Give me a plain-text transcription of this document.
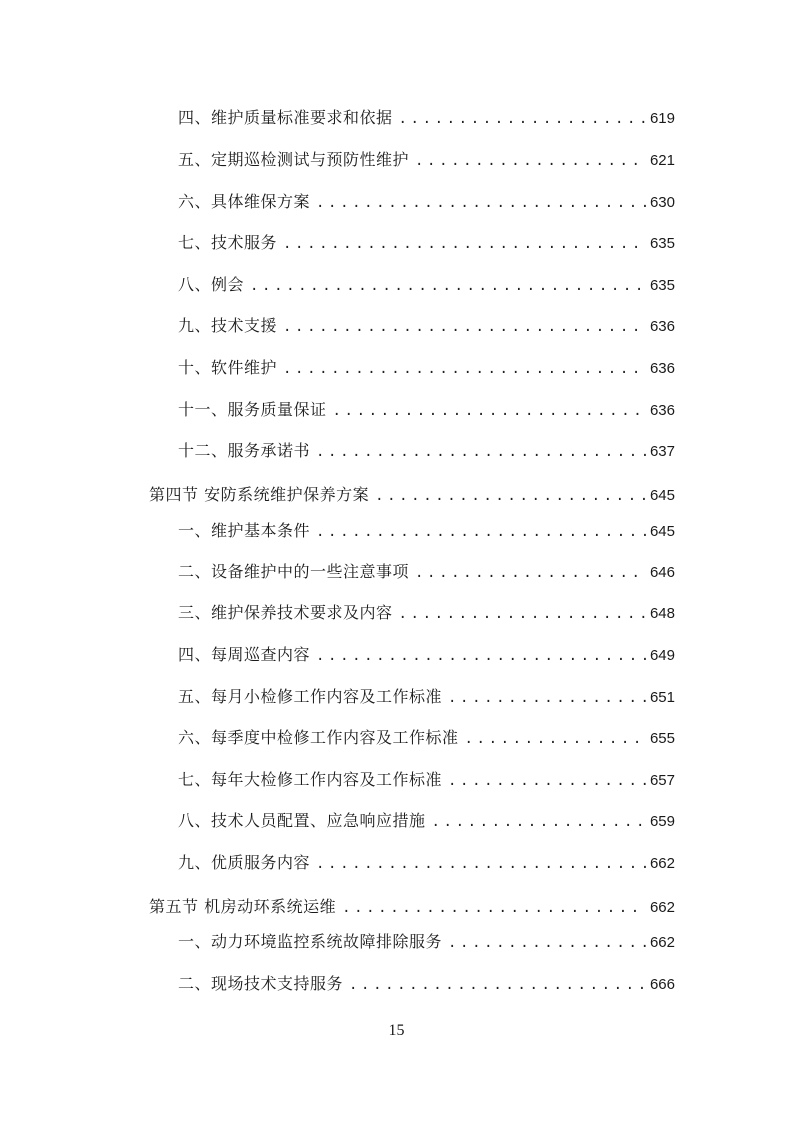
四、维护质量标准要求和依据 .....	619
五、定期巡检测试与预防性维护 .....	621
六、具体维保方案 .....	630
七、技术服务 .....	635
八、例会 .....	635
九、技术支援 .....	636
十、软件维护 .....	636
十一、服务质量保证 .....	636
十二、服务承诺书 .....	637
第四节 安防系统维护保养方案 .....	645
一、维护基本条件 .....	645
二、设备维护中的一些注意事项 .....	646
三、维护保养技术要求及内容 .....	648
四、每周巡查内容 .....	649
五、每月小检修工作内容及工作标准 .....	651
六、每季度中检修工作内容及工作标准 .....	655
七、每年大检修工作内容及工作标准 .....	657
八、技术人员配置、应急响应措施 .....	659
九、优质服务内容 .....	662
第五节 机房动环系统运维 .....	662
一、动力环境监控系统故障排除服务 .....	662
二、现场技术支持服务 .....	666
15
